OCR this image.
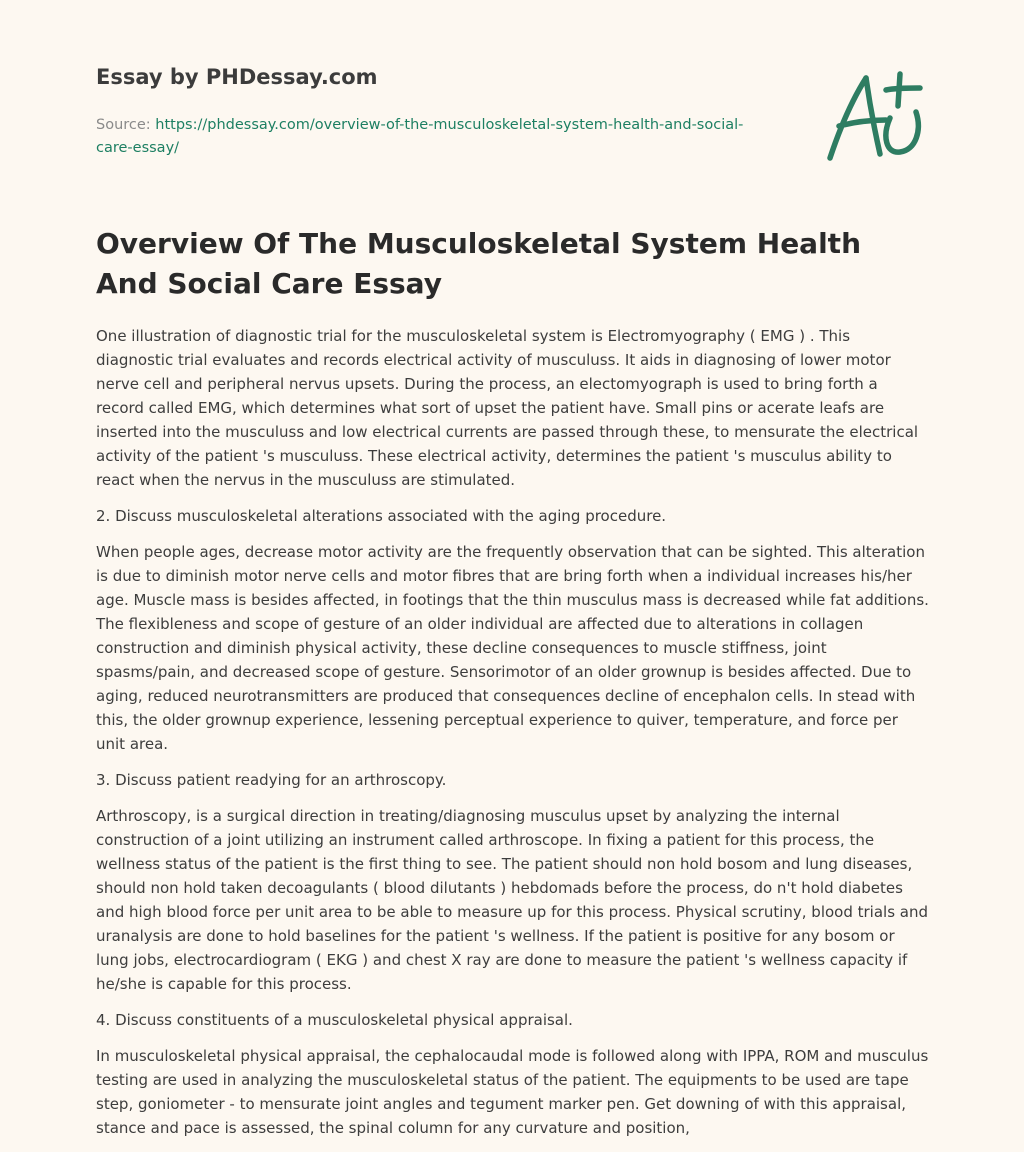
Essay by PHDessay.com
Source: https://phdessay.com/overview-of-the-musculoskeletal-system-health-and-social-care-essay/
Overview Of The Musculoskeletal System Health And Social Care Essay

One illustration of diagnostic trial for the musculoskeletal system is Electromyography ( EMG ) . This diagnostic trial evaluates and records electrical activity of musculuss. It aids in diagnosing of lower motor nerve cell and peripheral nervus upsets. During the process, an electomyograph is used to bring forth a record called EMG, which determines what sort of upset the patient have. Small pins or acerate leafs are inserted into the musculuss and low electrical currents are passed through these, to mensurate the electrical activity of the patient 's musculuss. These electrical activity, determines the patient 's musculus ability to react when the nervus in the musculuss are stimulated.

2. Discuss musculoskeletal alterations associated with the aging procedure.

When people ages, decrease motor activity are the frequently observation that can be sighted. This alteration is due to diminish motor nerve cells and motor fibres that are bring forth when a individual increases his/her age. Muscle mass is besides affected, in footings that the thin musculus mass is decreased while fat additions. The flexibleness and scope of gesture of an older individual are affected due to alterations in collagen construction and diminish physical activity, these decline consequences to muscle stiffness, joint spasms/pain, and decreased scope of gesture. Sensorimotor of an older grownup is besides affected. Due to aging, reduced neurotransmitters are produced that consequences decline of encephalon cells. In stead with this, the older grownup experience, lessening perceptual experience to quiver, temperature, and force per unit area.

3. Discuss patient readying for an arthroscopy.

Arthroscopy, is a surgical direction in treating/diagnosing musculus upset by analyzing the internal construction of a joint utilizing an instrument called arthroscope. In fixing a patient for this process, the wellness status of the patient is the first thing to see. The patient should non hold bosom and lung diseases, should non hold taken decoagulants ( blood dilutants ) hebdomads before the process, do n't hold diabetes and high blood force per unit area to be able to measure up for this process. Physical scrutiny, blood trials and uranalysis are done to hold baselines for the patient 's wellness. If the patient is positive for any bosom or lung jobs, electrocardiogram ( EKG ) and chest X ray are done to measure the patient 's wellness capacity if he/she is capable for this process.

4. Discuss constituents of a musculoskeletal physical appraisal.

In musculoskeletal physical appraisal, the cephalocaudal mode is followed along with IPPA, ROM and musculus testing are used in analyzing the musculoskeletal status of the patient. The equipments to be used are tape step, goniometer - to mensurate joint angles and tegument marker pen. Get downing of with this appraisal, stance and pace is assessed, the spinal column for any curvature and position,
